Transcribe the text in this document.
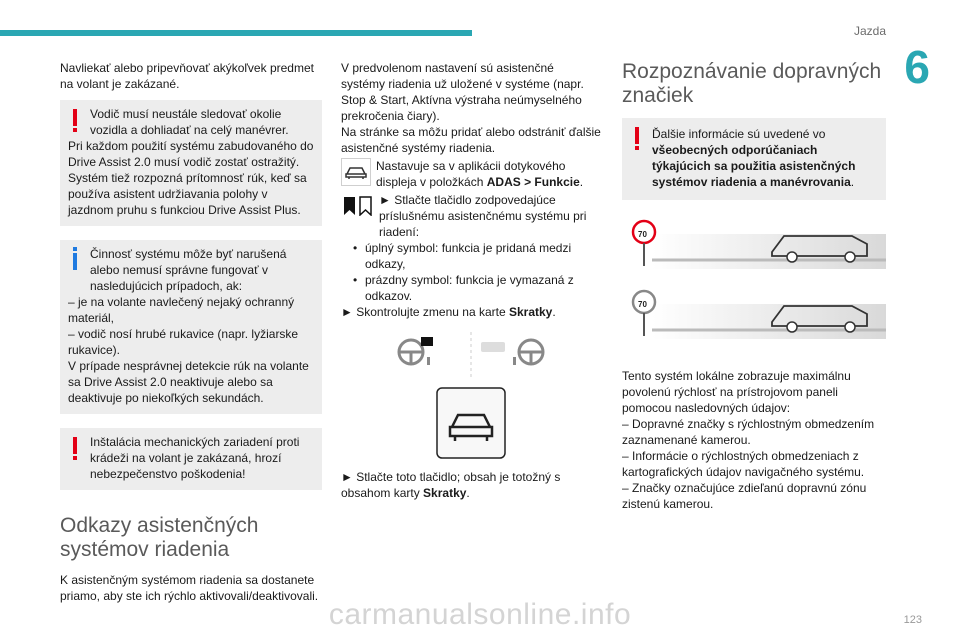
Jazda
6

Navliekať alebo pripevňovať akýkoľvek predmet na volant je zakázané.

Vodič musí neustále sledovať okolie vozidla a dohliadať na celý manévrer.

Pri každom použití systému zabudovaného do Drive Assist 2.0 musí vodič zostať ostražitý.

Systém tiež rozpozná prítomnosť rúk, keď sa používa asistent udržiavania polohy v jazdnom pruhu s funkciou Drive Assist Plus.

Činnosť systému môže byť narušená alebo nemusí správne fungovať v nasledujúcich prípadoch, ak:

– je na volante navlečený nejaký ochranný materiál,

– vodič nosí hrubé rukavice (napr. lyžiarske rukavice).

V prípade nesprávnej detekcie rúk na volante sa Drive Assist 2.0 neaktivuje alebo sa deaktivuje po niekoľkých sekundách.

Inštalácia mechanických zariadení proti krádeži na volant je zakázaná, hrozí nebezpečenstvo poškodenia!

Odkazy asistenčných systémov riadenia

K asistenčným systémom riadenia sa dostanete priamo, aby ste ich rýchlo aktivovali/deaktivovali.

V predvolenom nastavení sú asistenčné systémy riadenia už uložené v systéme (napr. Stop & Start, Aktívna výstraha neúmyselného prekročenia čiary).

Na stránke sa môžu pridať alebo odstrániť ďalšie asistenčné systémy riadenia.

Nastavuje sa v aplikácii dotykového displeja v položkách ADAS > Funkcie.

► Stlačte tlačidlo zodpovedajúce príslušnému asistenčnému systému pri riadení:

• úplný symbol: funkcia je pridaná medzi odkazy,

• prázdny symbol: funkcia je vymazaná z odkazov.

► Skontrolujte zmenu na karte Skratky.

► Stlačte toto tlačidlo; obsah je totožný s obsahom karty Skratky.

Rozpoznávanie dopravných značiek

Ďalšie informácie sú uvedené vo všeobecných odporúčaniach týkajúcich sa použitia asistenčných systémov riadenia a manévrovania.

70
70

Tento systém lokálne zobrazuje maximálnu povolenú rýchlosť na prístrojovom paneli pomocou nasledovných údajov:

– Dopravné značky s rýchlostným obmedzením zaznamenané kamerou.

– Informácie o rýchlostných obmedzeniach z kartografických údajov navigačného systému.

– Značky označujúce zdieľanú dopravnú zónu zistenú kamerou.

carmanualsonline.info	123
